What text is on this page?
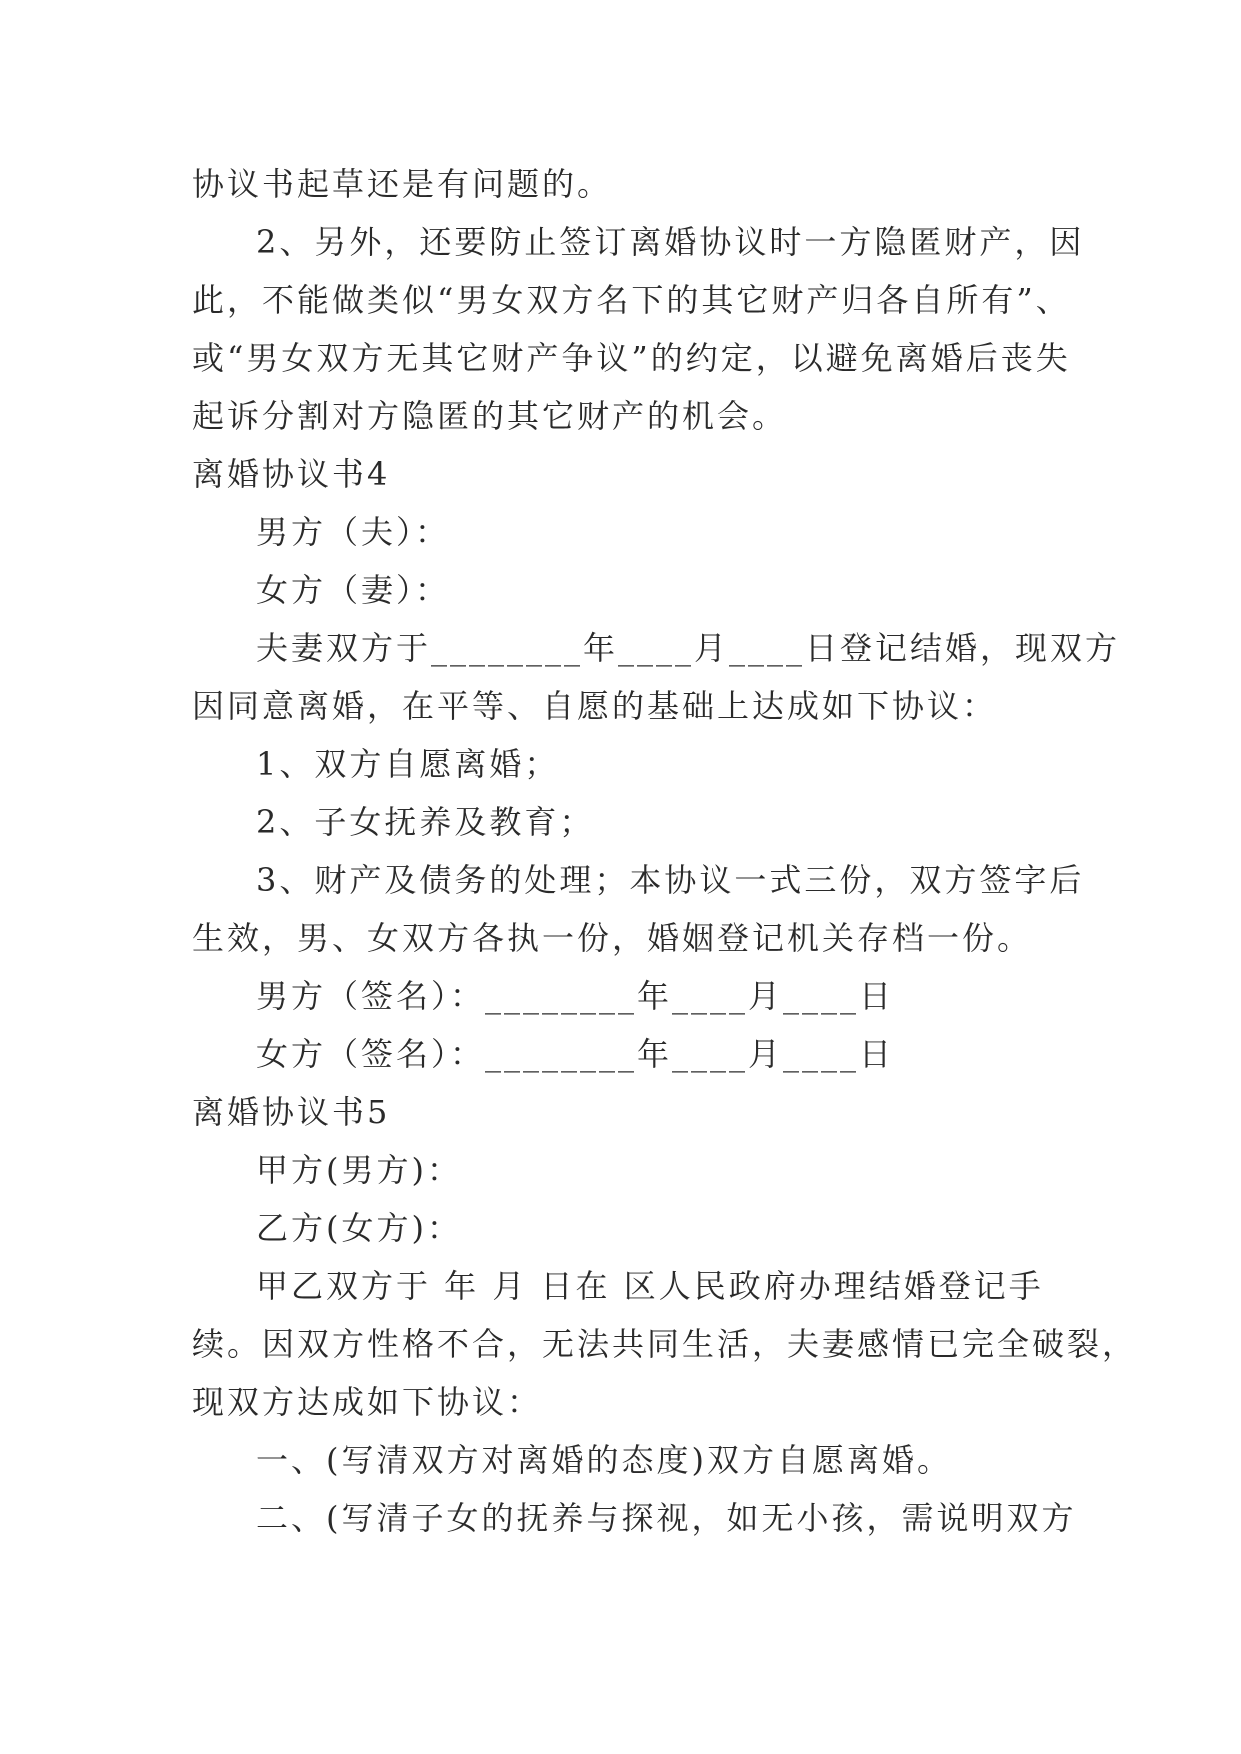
协议书起草还是有问题的。
2、另外，还要防止签订离婚协议时一方隐匿财产，因
此，不能做类似“男女双方名下的其它财产归各自所有”、
或“男女双方无其它财产争议”的约定，以避免离婚后丧失
起诉分割对方隐匿的其它财产的机会。
离婚协议书4
男方（夫）：
女方（妻）：
夫妻双方于________年____月____日登记结婚，现双方
因同意离婚，在平等、自愿的基础上达成如下协议：
1、双方自愿离婚；
2、子女抚养及教育；
3、财产及债务的处理；本协议一式三份，双方签字后
生效，男、女双方各执一份，婚姻登记机关存档一份。
男方（签名）：________年____月____日
女方（签名）：________年____月____日
离婚协议书5
甲方(男方)：
乙方(女方)：
甲乙双方于 年 月 日在 区人民政府办理结婚登记手
续。因双方性格不合，无法共同生活，夫妻感情已完全破裂，
现双方达成如下协议：
一、(写清双方对离婚的态度)双方自愿离婚。
二、(写清子女的抚养与探视，如无小孩，需说明双方
